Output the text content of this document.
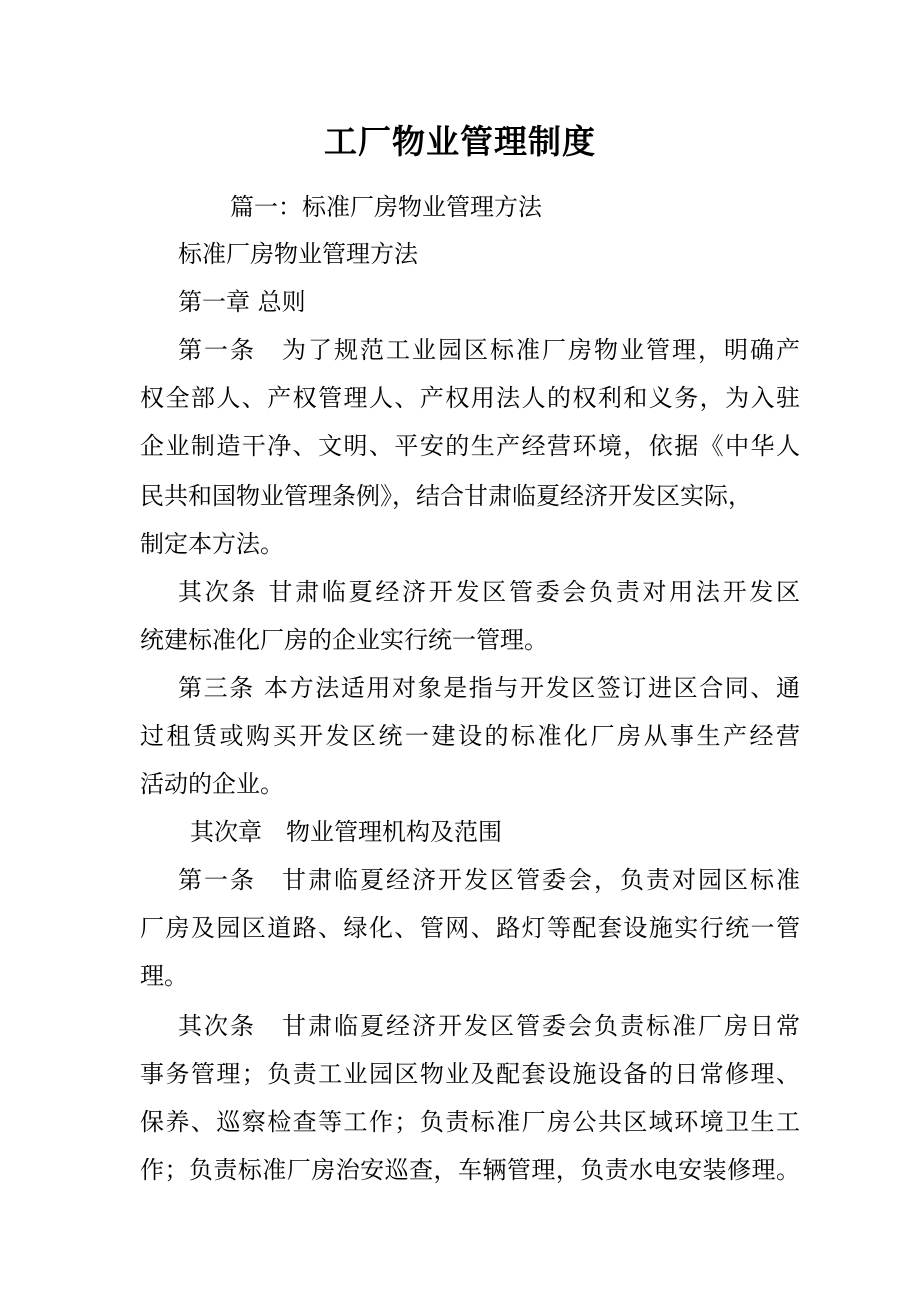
工厂物业管理制度

篇一：标准厂房物业管理方法

标准厂房物业管理方法

第一章 总则

第一条　为了规范工业园区标准厂房物业管理，明确产

权全部人、产权管理人、产权用法人的权利和义务，为入驻

企业制造干净、文明、平安的生产经营环境，依据《中华人

民共和国物业管理条例》，结合甘肃临夏经济开发区实际，

制定本方法。

其次条 甘肃临夏经济开发区管委会负责对用法开发区

统建标准化厂房的企业实行统一管理。

第三条 本方法适用对象是指与开发区签订进区合同、通

过租赁或购买开发区统一建设的标准化厂房从事生产经营

活动的企业。

其次章　物业管理机构及范围

第一条　甘肃临夏经济开发区管委会，负责对园区标准

厂房及园区道路、绿化、管网、路灯等配套设施实行统一管

理。

其次条　甘肃临夏经济开发区管委会负责标准厂房日常

事务管理；负责工业园区物业及配套设施设备的日常修理、

保养、巡察检查等工作；负责标准厂房公共区域环境卫生工

作；负责标准厂房治安巡查，车辆管理，负责水电安装修理。
